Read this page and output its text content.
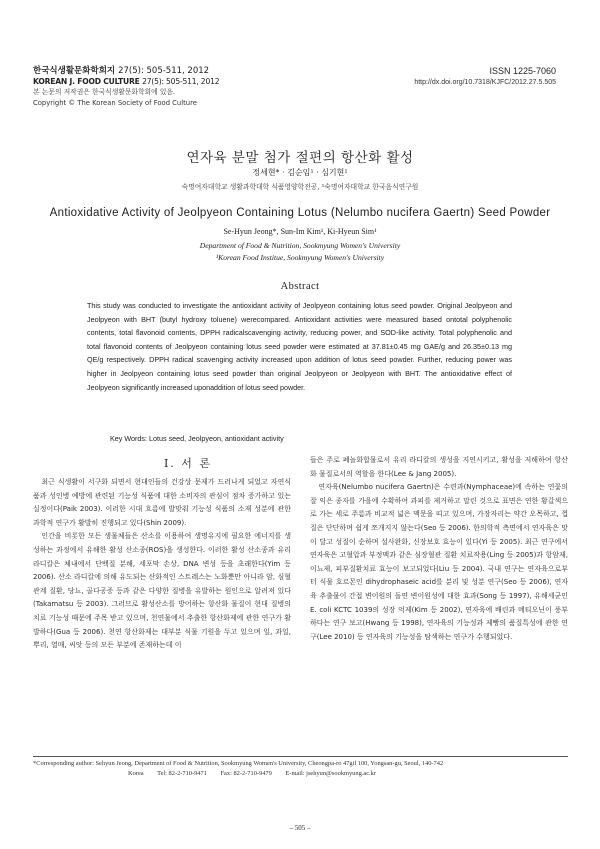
한국식생활문화학회지 27(5): 505-511, 2012
KOREAN J. FOOD CULTURE 27(5): 505-511, 2012
본 논문의 저작권은 한국식생활문화학회에 있음.
Copyright © The Korean Society of Food Culture
ISSN 1225-7060
http://dx.doi.org/10.7318/KJFC/2012.27.5.505
연자육 분말 첨가 절편의 항산화 활성
정세현* · 김순임¹ · 심기현¹
숙명여자대학교 생활과학대학 식품영양학전공, ¹숙명여자대학교 한국음식연구원
Antioxidative Activity of Jeolpyeon Containing Lotus (Nelumbo nucifera Gaertn) Seed Powder
Se-Hyun Jeong*, Sun-Im Kim¹, Ki-Hyeun Sim¹
Department of Food & Nutrition, Sookmyung Women's University
¹Korean Food Institue, Sookmyung Women's University
Abstract
This study was conducted to investigate the antioxidant activity of Jeolpyeon containing lotus seed powder. Original Jeolpyeon and Jeolpyeon with BHT (butyl hydroxy toluene) werecompared. Antioxidant activities were measured based ontotal polyphenolic contents, total flavonoid contents, DPPH radicalscavenging activity, reducing power, and SOD-like activity. Total polyphenolic and total flavonoid contents of Jeolpyeon containing lotus seed powder were estimated at 37.81±0.45 mg GAE/g and 26.35±0.13 mg QE/g respectively. DPPH radical scavenging activity increased upon addition of lotus seed powder. Further, reducing power was higher in Jeolpyeon containing lotus seed powder than original Jeolpyeon or Jeolpyeon with BHT. The antioxidative effect of Jeolpyeon significantly increased uponaddition of lotus seed powder.
Key Words: Lotus seed, Jeolpyeon, antioxidant activity
I. 서 론

최근 식생활이 서구화 되면서 현대인들의 건강상 문제가 드러나게 되었고 자연식품과 성인병 예방에 관련된 기능성 식품에 대한 소비자의 관심이 점차 증가하고 있는 실정이다(Paik 2003). 이러한 시대 흐름에 발맞춰 기능성 식품의 소재 성분에 관한 과학적 연구가 활발히 진행되고 있다(Shin 2009).

인간을 비롯한 모든 생물체들은 산소를 이용하여 생명유지에 필요한 에너지를 생성하는 과정에서 유해한 활성 산소종(ROS)을 생성한다. 이러한 활성 산소종과 유리 라디칼은 체내에서 단백질 분해, 세포막 손상, DNA 변성 등을 초래한다(Yim 등 2006). 산소 라디칼에 의해 유도되는 산화적인 스트레스는 노화뿐만 아니라 암, 심혈관계 질환, 당뇨, 골다공증 등과 같은 다양한 질병을 유발하는 원인으로 알려져 있다(Takamatsu 등 2003). 그러므로 활성산소를 방어하는 항산화 물질이 현대 질병의 치료 기능성 때문에 주목 받고 있으며, 천연물에서 추출한 항산화제에 관한 연구가 활발하다(Gua 등 2006). 천연 항산화제는 대부분 식물 기원을 두고 있으며 잎, 과일, 뿌리, 열매, 씨앗 등의 모든 부분에 존재하는데 이

들은 주로 폐놀화합물로서 유리 라디칼의 생성을 지연시키고, 활성을 저해하여 항산화 물질로서의 역할을 한다(Lee & Jang 2005).

연자육(Nelumbo nucifera Gaertn)은 수련과(Nymphaceae)에 속하는 연꽃의 잘 익은 종자를 가을에 수확하여 과피를 제거하고 말린 것으로 표면은 연한 황갈색으로 가는 세로 주름과 비교적 넓은 맥문을 띠고 있으며, 가장자리는 약간 오목하고, 껍질은 단단하며 쉽게 쪼개지지 않는다(Seo 등 2006). 한의학적 측면에서 연자육은 맛이 달고 성질이 순하며 설사완화, 신장보호 효능이 있다(Yi 등 2005). 최근 연구에서 연자육은 고혈압과 부정맥과 같은 심장혈관 질환 치료작용(Ling 등 2005)과 항암제, 이뇨제, 피부질환치료 효능이 보고되었다(Liu 등 2004). 국내 연구는 연자육으로부터 식물 호르몬인 dihydrophaseic acid를 분리 및 성분 연구(Seo 등 2006), 연자육 추출물이 간접 변이원의 돌연 변이원성에 대한 효과(Song 등 1997), 유해세균인 E. coli KCTC 1039의 성장 억제(Kim 등 2002), 연자육에 배린과 메티오닌이 풍부하다는 연구 보고(Hwang 등 1998), 연자육의 기능성과 제빵의 품질특성에 관한 연구(Lee 2010) 등 연자육의 기능성을 탐색하는 연구가 수행되었다.

*Corresponding author: Sehyun Jeong, Department of Food & Nutrition, Sookmyung Women's University, Cheongpa-ro 47gil 100, Yongsan-gu, Seoul, 140-742
Korea Tel: 82-2-710-9471 Fax: 82-2-710-9479 E-mail: jsehyun@sookmyung.ac.kr
– 505 –
